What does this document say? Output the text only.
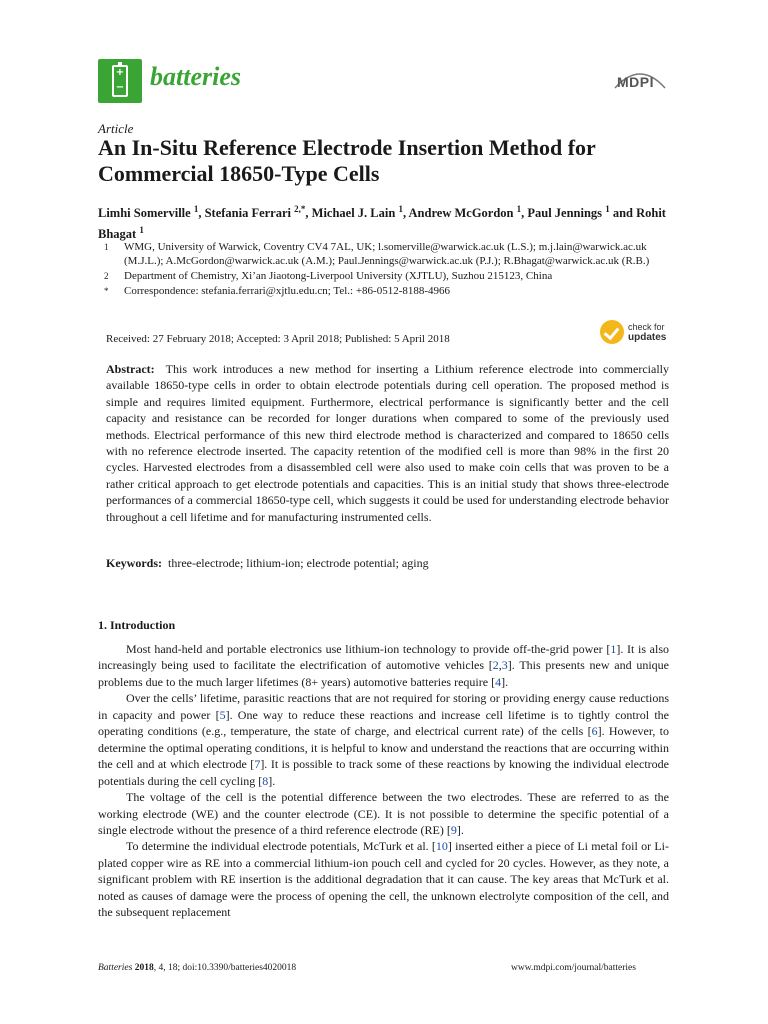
+
− batteries	MDPI
Article
An In-Situ Reference Electrode Insertion Method for Commercial 18650-Type Cells
Limhi Somerville $^1$, Stefania Ferrari $^{2,*}$, Michael J. Lain $^1$, Andrew McGordon $^1$, Paul Jennings $^1$ and Rohit Bhagat $^1$
1	WMG, University of Warwick, Coventry CV4 7AL, UK; l.somerville@warwick.ac.uk (L.S.); m.j.lain@warwick.ac.uk (M.J.L.); A.McGordon@warwick.ac.uk (A.M.); Paul.Jennings@warwick.ac.uk (P.J.); R.Bhagat@warwick.ac.uk (R.B.)
2	Department of Chemistry, Xi’an Jiaotong-Liverpool University (XJTLU), Suzhou 215123, China
*	Correspondence: stefania.ferrari@xjtlu.edu.cn; Tel.: +86-0512-8188-4966
Received: 27 February 2018; Accepted: 3 April 2018; Published: 5 April 2018
check for
updates
Abstract: This work introduces a new method for inserting a Lithium reference electrode into commercially available 18650-type cells in order to obtain electrode potentials during cell operation. The proposed method is simple and requires limited equipment. Furthermore, electrical performance is significantly better and the cell capacity and resistance can be recorded for longer durations when compared to some of the previously used methods. Electrical performance of this new third electrode method is characterized and compared to 18650 cells with no reference electrode inserted. The capacity retention of the modified cell is more than 98% in the first 20 cycles. Harvested electrodes from a disassembled cell were also used to make coin cells that was proven to be a rather critical approach to get electrode potentials and capacities. This is an initial study that shows three-electrode performances of a commercial 18650-type cell, which suggests it could be used for understanding electrode behavior throughout a cell lifetime and for manufacturing instrumented cells.
Keywords: three-electrode; lithium-ion; electrode potential; aging
1. Introduction

Most hand-held and portable electronics use lithium-ion technology to provide off-the-grid power [1]. It is also increasingly being used to facilitate the electrification of automotive vehicles [2,3]. This presents new and unique problems due to the much larger lifetimes (8+ years) automotive batteries require [4].

Over the cells’ lifetime, parasitic reactions that are not required for storing or providing energy cause reductions in capacity and power [5]. One way to reduce these reactions and increase cell lifetime is to tightly control the operating conditions (e.g., temperature, the state of charge, and electrical current rate) of the cells [6]. However, to determine the optimal operating conditions, it is helpful to know and understand the reactions that are occurring within the cell and at which electrode [7]. It is possible to track some of these reactions by knowing the individual electrode potentials during the cell cycling [8].

The voltage of the cell is the potential difference between the two electrodes. These are referred to as the working electrode (WE) and the counter electrode (CE). It is not possible to determine the specific potential of a single electrode without the presence of a third reference electrode (RE) [9].

To determine the individual electrode potentials, McTurk et al. [10] inserted either a piece of Li metal foil or Li-plated copper wire as RE into a commercial lithium-ion pouch cell and cycled for 20 cycles. However, as they note, a significant problem with RE insertion is the additional degradation that it can cause. The key areas that McTurk et al. noted as causes of damage were the process of opening the cell, the unknown electrolyte composition of the cell, and the subsequent replacement

Batteries 2018, 4, 18; doi:10.3390/batteries4020018	www.mdpi.com/journal/batteries
